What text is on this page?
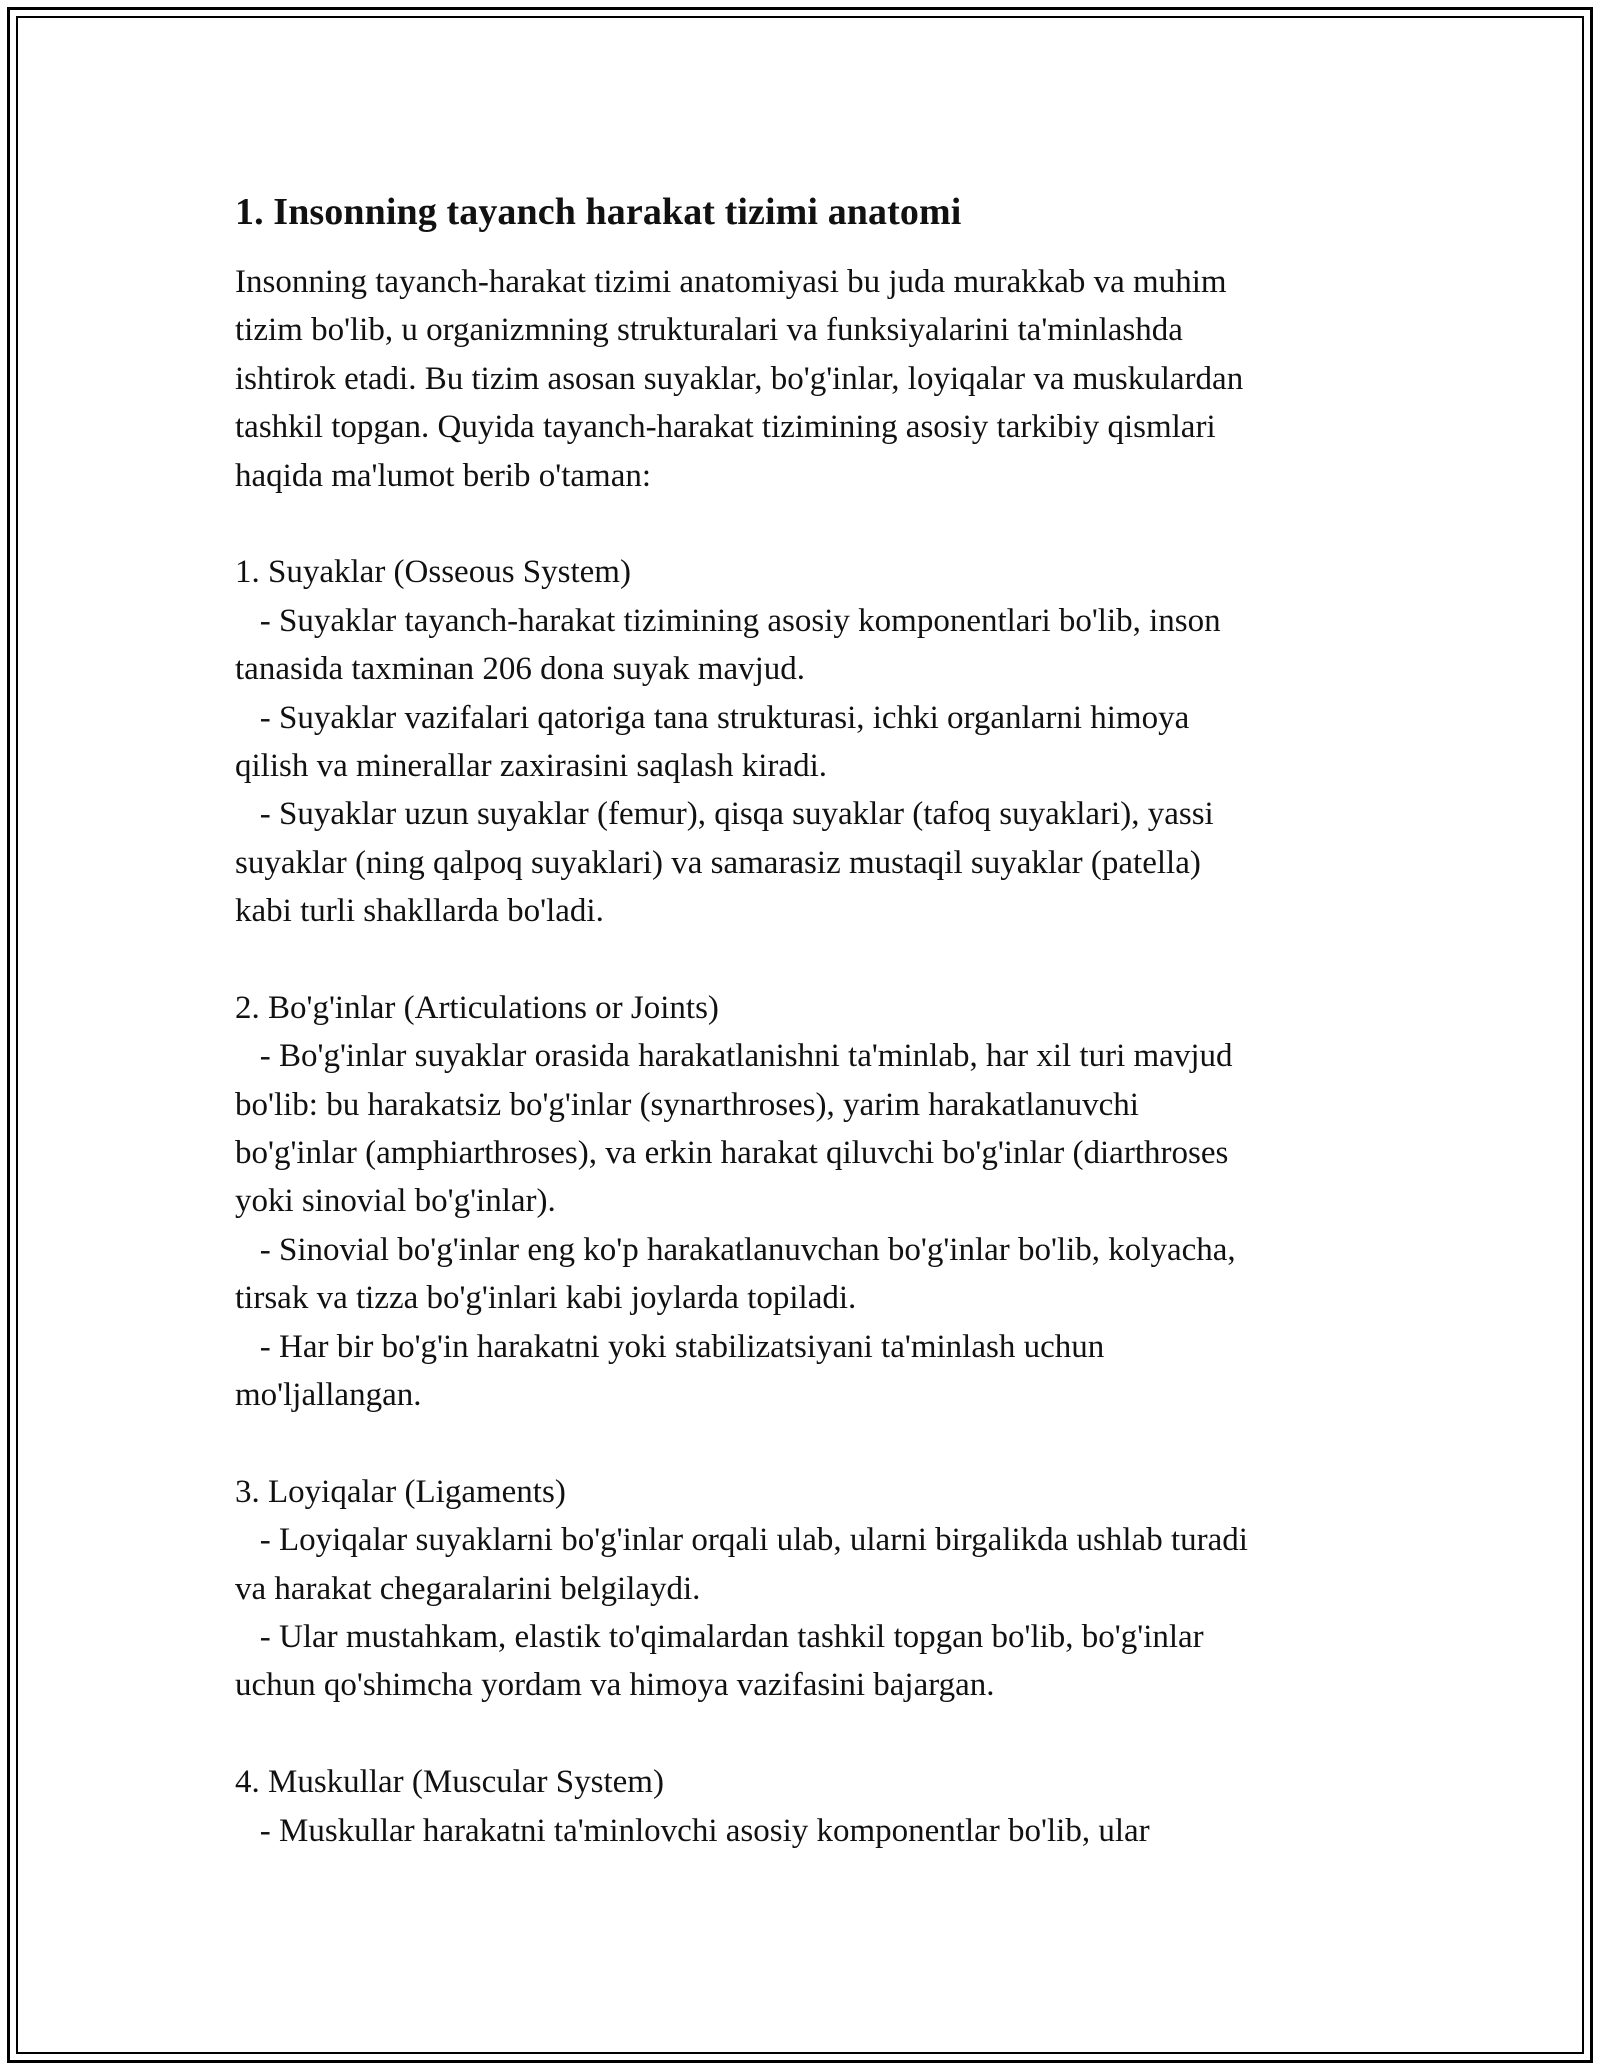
1. Insonning tayanch harakat tizimi anatomi
Insonning tayanch-harakat tizimi anatomiyasi bu juda murakkab va muhim
tizim bo'lib, u organizmning strukturalari va funksiyalarini ta'minlashda
ishtirok etadi. Bu tizim asosan suyaklar, bo'g'inlar, loyiqalar va muskulardan
tashkil topgan. Quyida tayanch-harakat tizimining asosiy tarkibiy qismlari
haqida ma'lumot berib o'taman:
1. Suyaklar (Osseous System)
- Suyaklar tayanch-harakat tizimining asosiy komponentlari bo'lib, inson
tanasida taxminan 206 dona suyak mavjud.
- Suyaklar vazifalari qatoriga tana strukturasi, ichki organlarni himoya
qilish va minerallar zaxirasini saqlash kiradi.
- Suyaklar uzun suyaklar (femur), qisqa suyaklar (tafoq suyaklari), yassi
suyaklar (ning qalpoq suyaklari) va samarasiz mustaqil suyaklar (patella)
kabi turli shakllarda bo'ladi.
2. Bo'g'inlar (Articulations or Joints)
- Bo'g'inlar suyaklar orasida harakatlanishni ta'minlab, har xil turi mavjud
bo'lib: bu harakatsiz bo'g'inlar (synarthroses), yarim harakatlanuvchi
bo'g'inlar (amphiarthroses), va erkin harakat qiluvchi bo'g'inlar (diarthroses
yoki sinovial bo'g'inlar).
- Sinovial bo'g'inlar eng ko'p harakatlanuvchan bo'g'inlar bo'lib, kolyacha,
tirsak va tizza bo'g'inlari kabi joylarda topiladi.
- Har bir bo'g'in harakatni yoki stabilizatsiyani ta'minlash uchun
mo'ljallangan.
3. Loyiqalar (Ligaments)
- Loyiqalar suyaklarni bo'g'inlar orqali ulab, ularni birgalikda ushlab turadi
va harakat chegaralarini belgilaydi.
- Ular mustahkam, elastik to'qimalardan tashkil topgan bo'lib, bo'g'inlar
uchun qo'shimcha yordam va himoya vazifasini bajargan.
4. Muskullar (Muscular System)
- Muskullar harakatni ta'minlovchi asosiy komponentlar bo'lib, ular
